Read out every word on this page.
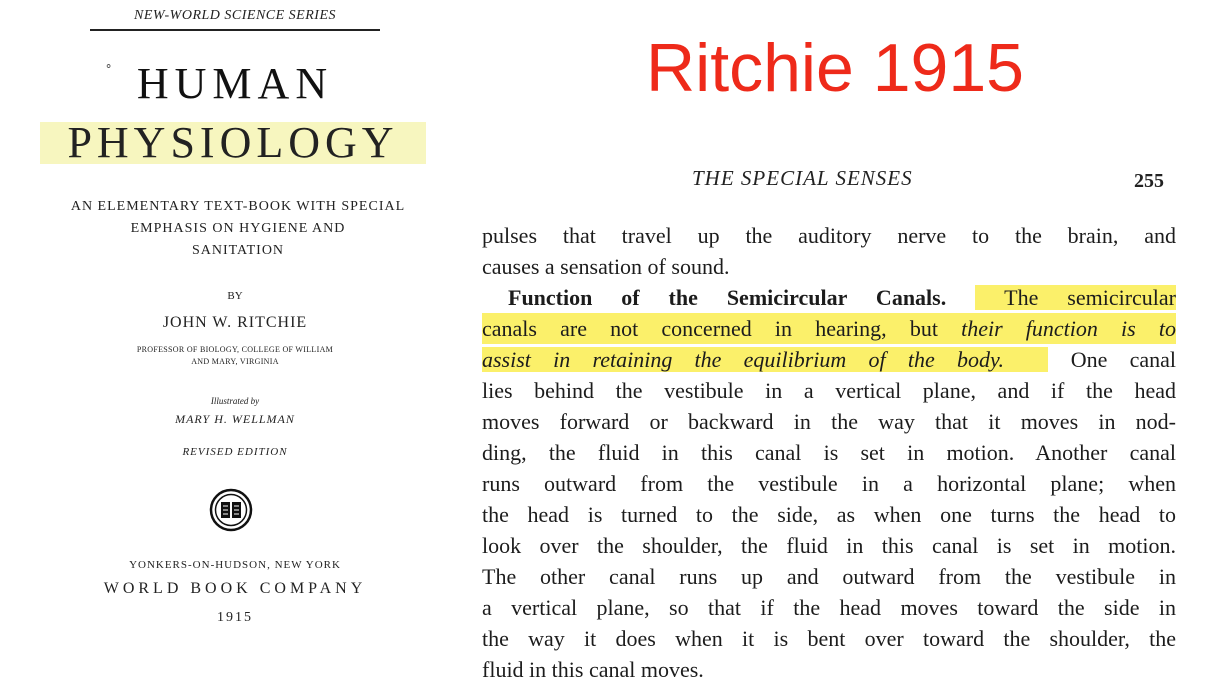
NEW-WORLD SCIENCE SERIES
⚬ HUMAN
PHYSIOLOGY
AN ELEMENTARY TEXT-BOOK WITH SPECIAL
EMPHASIS ON HYGIENE AND
SANITATION
BY
JOHN W. RITCHIE
PROFESSOR OF BIOLOGY, COLLEGE OF WILLIAM
AND MARY, VIRGINIA
Illustrated by
MARY H. WELLMAN
REVISED EDITION
YONKERS-ON-HUDSON, NEW YORK
WORLD BOOK COMPANY
1915
Ritchie 1915
THE SPECIAL SENSES	255
pulses that travel up the auditory nerve to the brain, and
causes a sensation of sound.
Function of the Semicircular Canals.	The semicircular
canals are not concerned in hearing, but their function is to
assist in retaining the equilibrium of the body.	One canal
lies behind the vestibule in a vertical plane, and if the head
moves forward or backward in the way that it moves in nod-
ding, the fluid in this canal is set in motion. Another canal
runs outward from the vestibule in a horizontal plane; when
the head is turned to the side, as when one turns the head to
look over the shoulder, the fluid in this canal is set in motion.
The other canal runs up and outward from the vestibule in
a vertical plane, so that if the head moves toward the side in
the way it does when it is bent over toward the shoulder, the
fluid in this canal moves.
